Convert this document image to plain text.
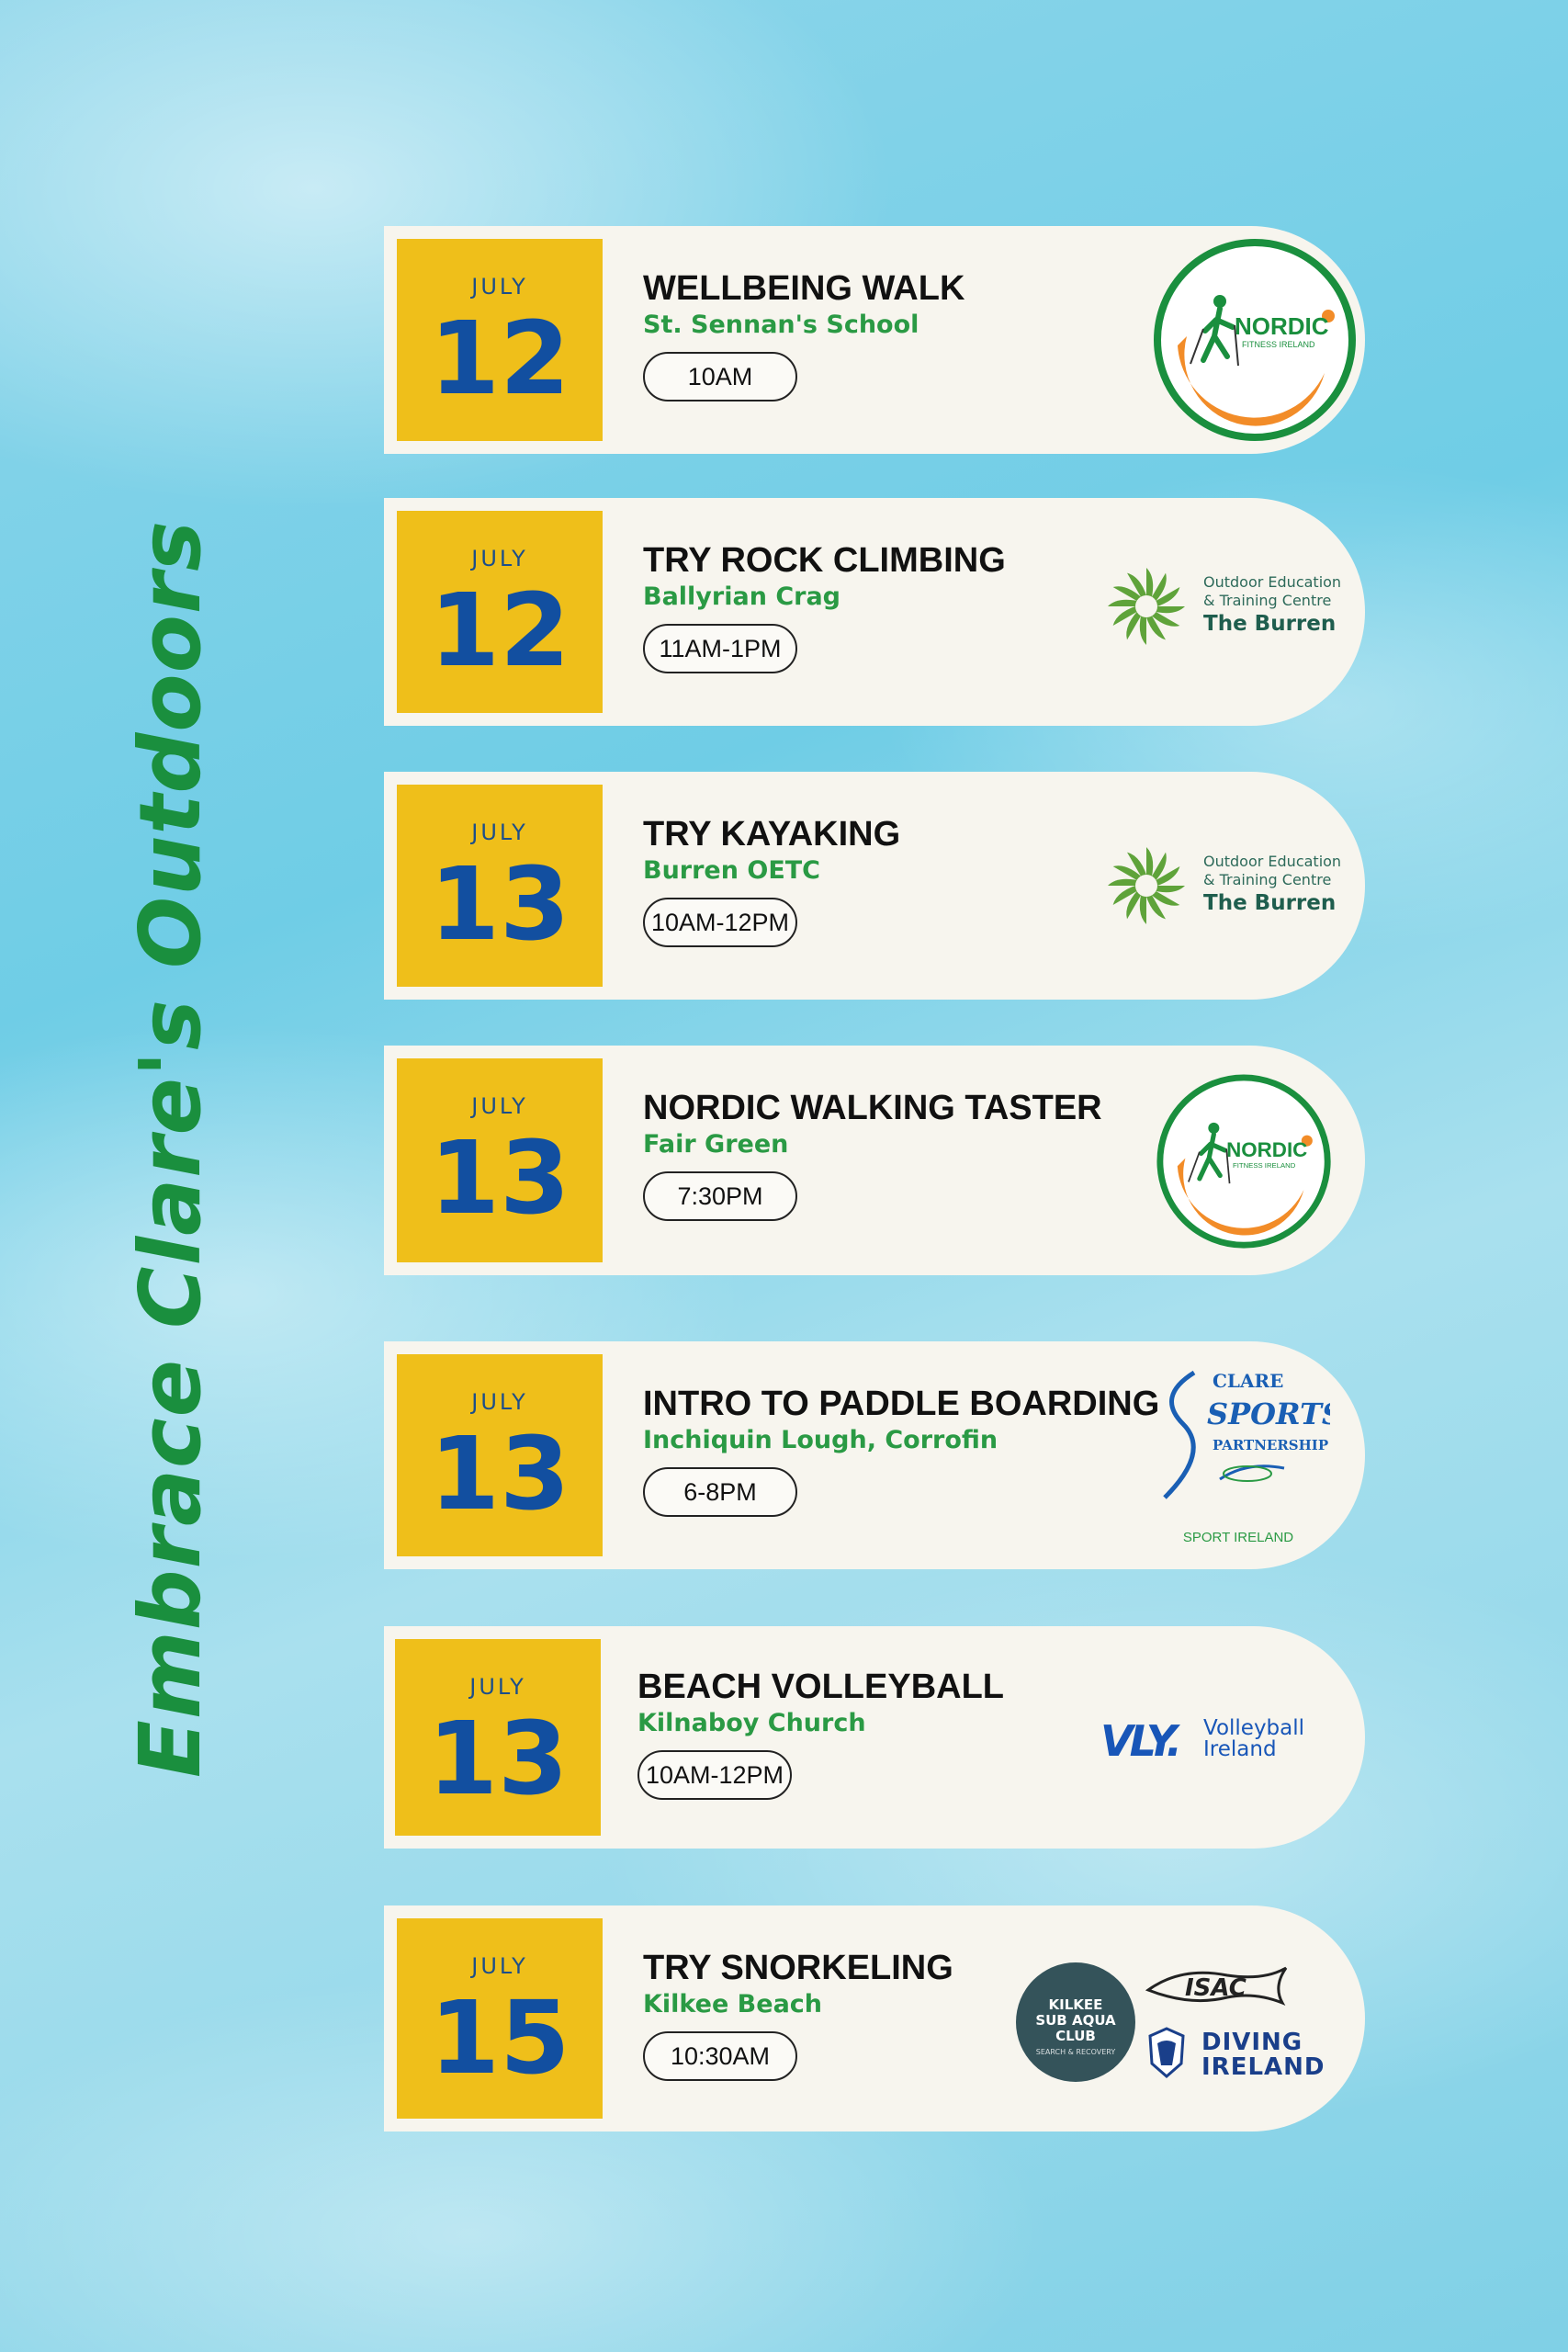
Embrace Clare's Outdoors
JULY
12
WELLBEING WALK
St. Sennan's School
10AM
NORDIC
FITNESS IRELAND
JULY
12
TRY ROCK CLIMBING
Ballyrian Crag
11AM-1PM
Outdoor Education
& Training Centre
The Burren
JULY
13
TRY KAYAKING
Burren OETC
10AM-12PM
Outdoor Education
& Training Centre
The Burren
JULY
13
NORDIC WALKING TASTER
Fair Green
7:30PM
NORDIC
FITNESS IRELAND
JULY
13
INTRO TO PADDLE BOARDING
Inchiquin Lough, Corrofin
6-8PM
CLARE
SPORTS
PARTNERSHIP
SPORT IRELAND
JULY
13
BEACH VOLLEYBALL
Kilnaboy Church
10AM-12PM
VLY. Volleyball
Ireland
JULY
15
TRY SNORKELING
Kilkee Beach
10:30AM
KILKEE
SUB AQUA
CLUB
SEARCH & RECOVERY
ISAC
DIVING
IRELAND
